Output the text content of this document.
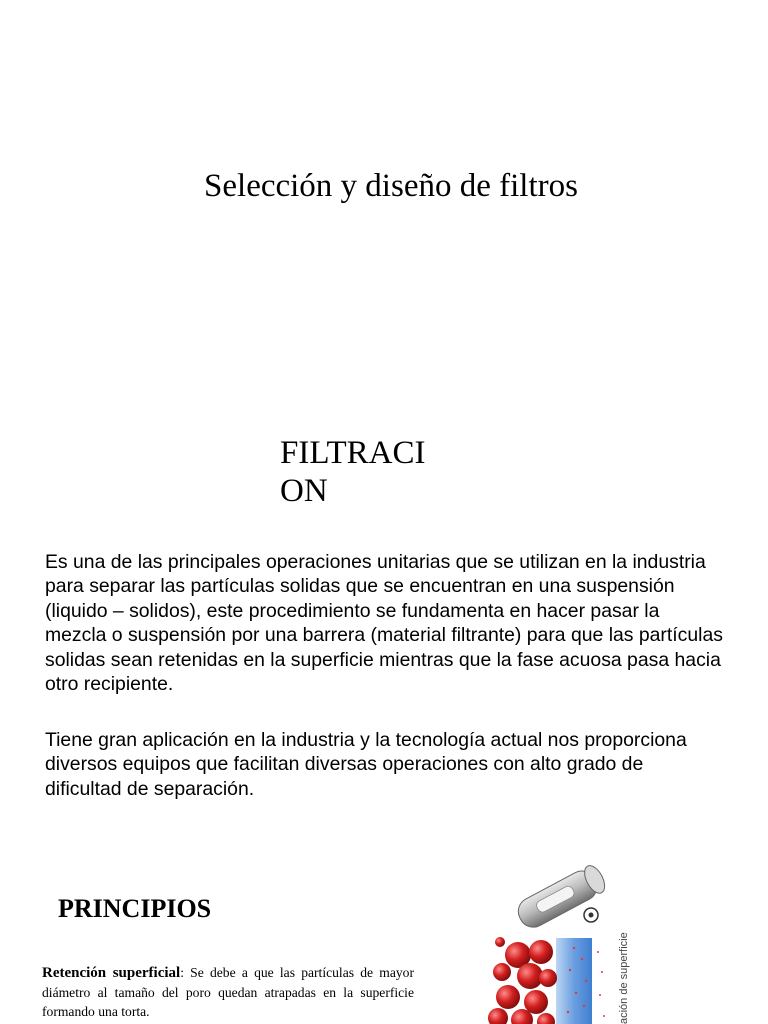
Selección y diseño de filtros
FILTRACI
ON

Es una de las principales operaciones unitarias que se utilizan en la industria para separar las partículas solidas que se encuentran en una suspensión (liquido – solidos), este procedimiento se fundamenta en hacer pasar la mezcla o suspensión por una barrera (material filtrante) para que las partículas solidas sean retenidas en la superficie mientras que la fase acuosa pasa hacia otro recipiente.

Tiene gran aplicación en la industria y la tecnología actual nos proporciona diversos equipos que facilitan diversas operaciones con alto grado de dificultad de separación.

PRINCIPIOS

Retención superficial: Se debe a que las partículas de mayor diámetro al tamaño del poro quedan atrapadas en la superficie formando una torta.	ación de superficie
